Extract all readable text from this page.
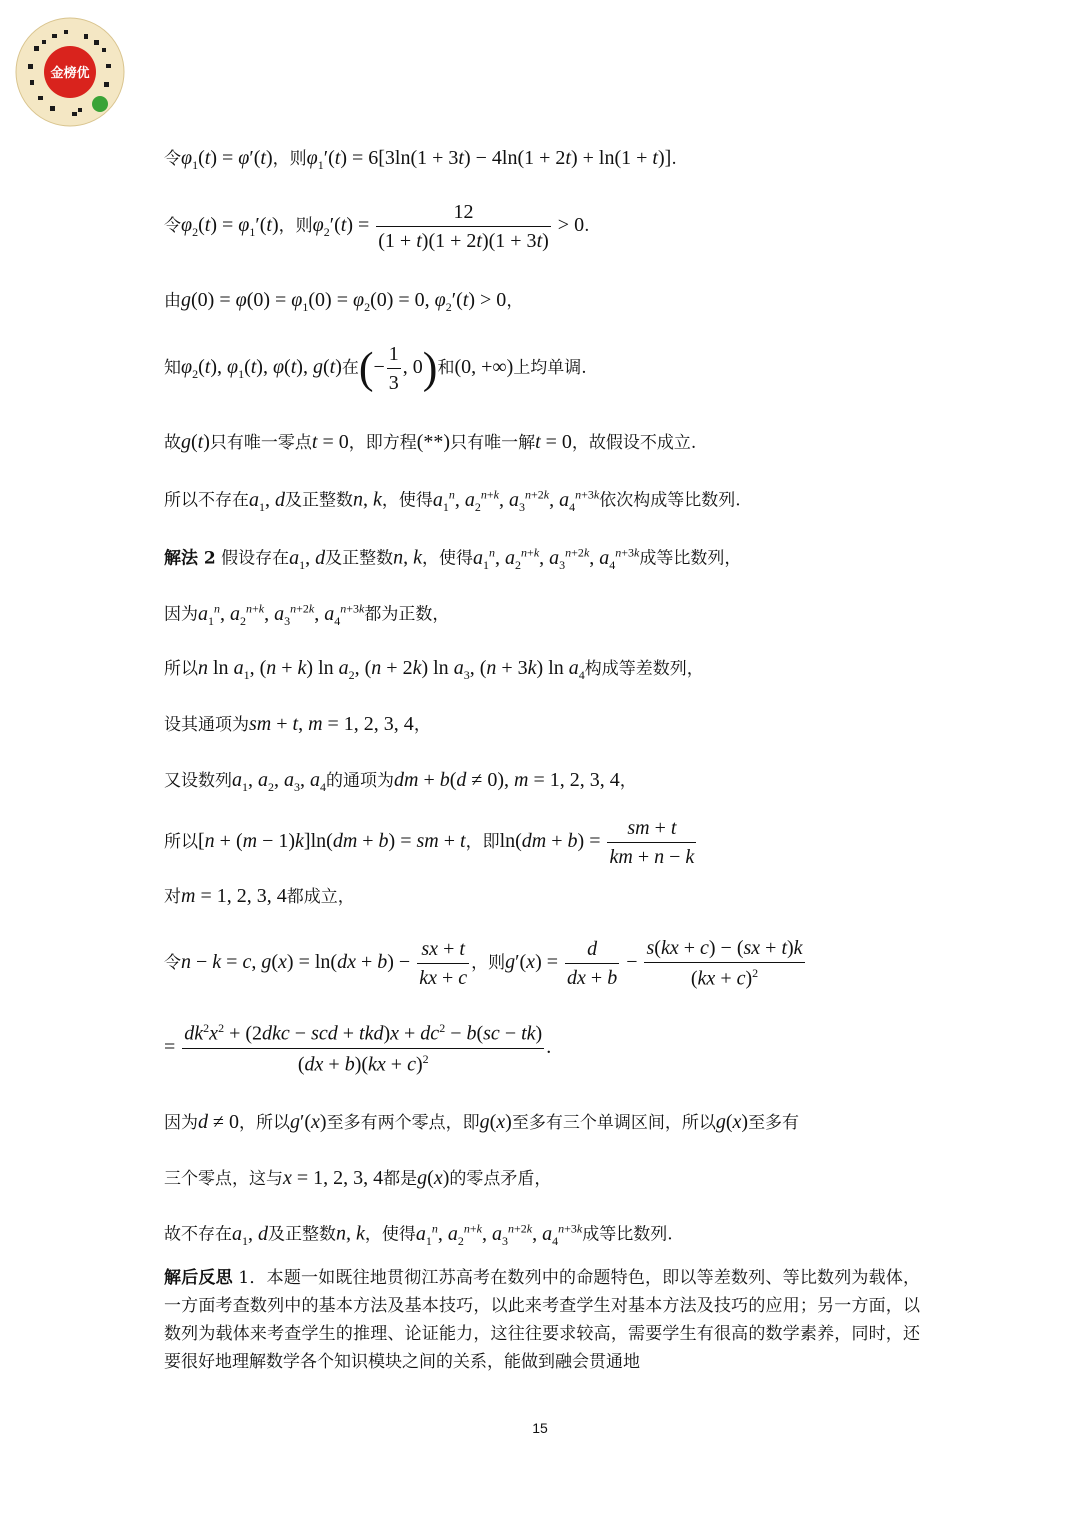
金榜优
令$\varphi_1(t) = \varphi'(t)$，则$\varphi_1'(t) = 6[3\ln(1 + 3t) - 4\ln(1 + 2t) + \ln(1 + t)]$.
令$\varphi_2(t) = \varphi_1'(t)$，则$\varphi_2'(t) = \frac{12}{(1 + t)(1 + 2t)(1 + 3t)} > 0$.
由$g(0) = \varphi(0) = \varphi_1(0) = \varphi_2(0) = 0$, $\varphi_2'(t) > 0$，
知$\varphi_2(t)$, $\varphi_1(t)$, φ(t), g(t)在(− $\frac{1}{3}$ , 0)和(0, +∞)上均单调.
故g(t)只有唯一零点t = 0，即方程(**)只有唯一解t = 0，故假设不成立.
所以不存在$a_1$, d及正整数n, k，使得$a_1^n$, $a_2^{n+k}$, $a_3^{n+2k}$, $a_4^{n+3k}$依次构成等比数列.
解法 2 假设存在$a_1$, d及正整数n, k，使得$a_1^n$, $a_2^{n+k}$, $a_3^{n+2k}$, $a_4^{n+3k}$成等比数列，
因为$a_1^n$, $a_2^{n+k}$, $a_3^{n+2k}$, $a_4^{n+3k}$都为正数，
所以n $\ln a_1$, (n + k) $\ln a_2$, (n + 2k) $\ln a_3$, (n + 3k) $\ln a_4$构成等差数列，
设其通项为sm + t, m = 1, 2, 3, 4，
又设数列$a_1$, $a_2$, $a_3$, $a_4$的通项为dm + b(d ≠ 0), m = 1, 2, 3, 4，
所以[n + (m − 1)k]ln(dm + b) = sm + t，即$\ln(dm + b) = \frac{sm + t}{km + n - k}$
对m = 1, 2, 3, 4都成立，
令n − k = c, $g(x) = \ln(dx + b) - \frac{sx + t}{kx + c}$ ，则$g'(x) = \frac{d}{dx + b} - \frac{s(kx + c) - (sx + t)k}{(kx + c)^2}$
= $\frac{dk^2x^2 + (2dkc - scd + tkd)x + dc^2 - b(sc - tk)}{(dx + b)(kx + c)^2}$ .
因为d ≠ 0，所以g′(x)至多有两个零点，即g(x)至多有三个单调区间，所以g(x)至多有
三个零点，这与x = 1, 2, 3, 4都是g(x)的零点矛盾，
故不存在$a_1$, d及正整数n, k，使得$a_1^n$, $a_2^{n+k}$, $a_3^{n+2k}$, $a_4^{n+3k}$成等比数列.
解后反思 1．本题一如既往地贯彻江苏高考在数列中的命题特色，即以等差数列、等比数列为载体，一方面考查数列中的基本方法及基本技巧，以此来考查学生对基本方法及技巧的应用；另一方面，以数列为载体来考查学生的推理、论证能力，这往往要求较高，需要学生有很高的数学素养，同时，还要很好地理解数学各个知识模块之间的关系，能做到融会贯通地
15
